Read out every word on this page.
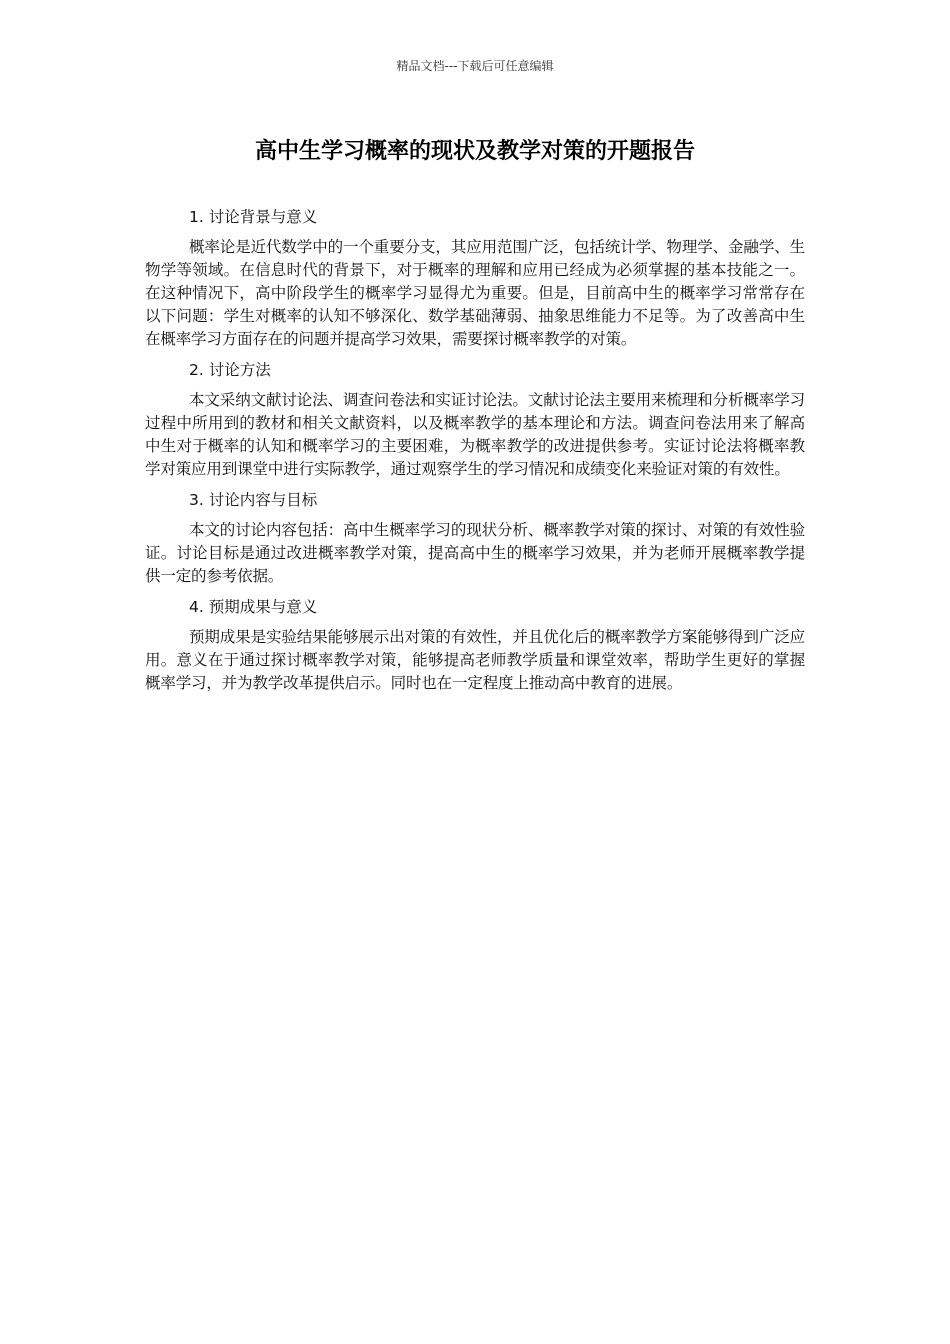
精品文档---下载后可任意编辑
高中生学习概率的现状及教学对策的开题报告

1. 讨论背景与意义

概率论是近代数学中的一个重要分支，其应用范围广泛，包括统计学、物理学、金融学、生物学等领域。在信息时代的背景下，对于概率的理解和应用已经成为必须掌握的基本技能之一。在这种情况下，高中阶段学生的概率学习显得尤为重要。但是，目前高中生的概率学习常常存在以下问题：学生对概率的认知不够深化、数学基础薄弱、抽象思维能力不足等。为了改善高中生在概率学习方面存在的问题并提高学习效果，需要探讨概率教学的对策。

2. 讨论方法

本文采纳文献讨论法、调查问卷法和实证讨论法。文献讨论法主要用来梳理和分析概率学习过程中所用到的教材和相关文献资料，以及概率教学的基本理论和方法。调查问卷法用来了解高中生对于概率的认知和概率学习的主要困难，为概率教学的改进提供参考。实证讨论法将概率教学对策应用到课堂中进行实际教学，通过观察学生的学习情况和成绩变化来验证对策的有效性。

3. 讨论内容与目标

本文的讨论内容包括：高中生概率学习的现状分析、概率教学对策的探讨、对策的有效性验证。讨论目标是通过改进概率教学对策，提高高中生的概率学习效果，并为老师开展概率教学提供一定的参考依据。

4. 预期成果与意义

预期成果是实验结果能够展示出对策的有效性，并且优化后的概率教学方案能够得到广泛应用。意义在于通过探讨概率教学对策，能够提高老师教学质量和课堂效率，帮助学生更好的掌握概率学习，并为教学改革提供启示。同时也在一定程度上推动高中教育的进展。
